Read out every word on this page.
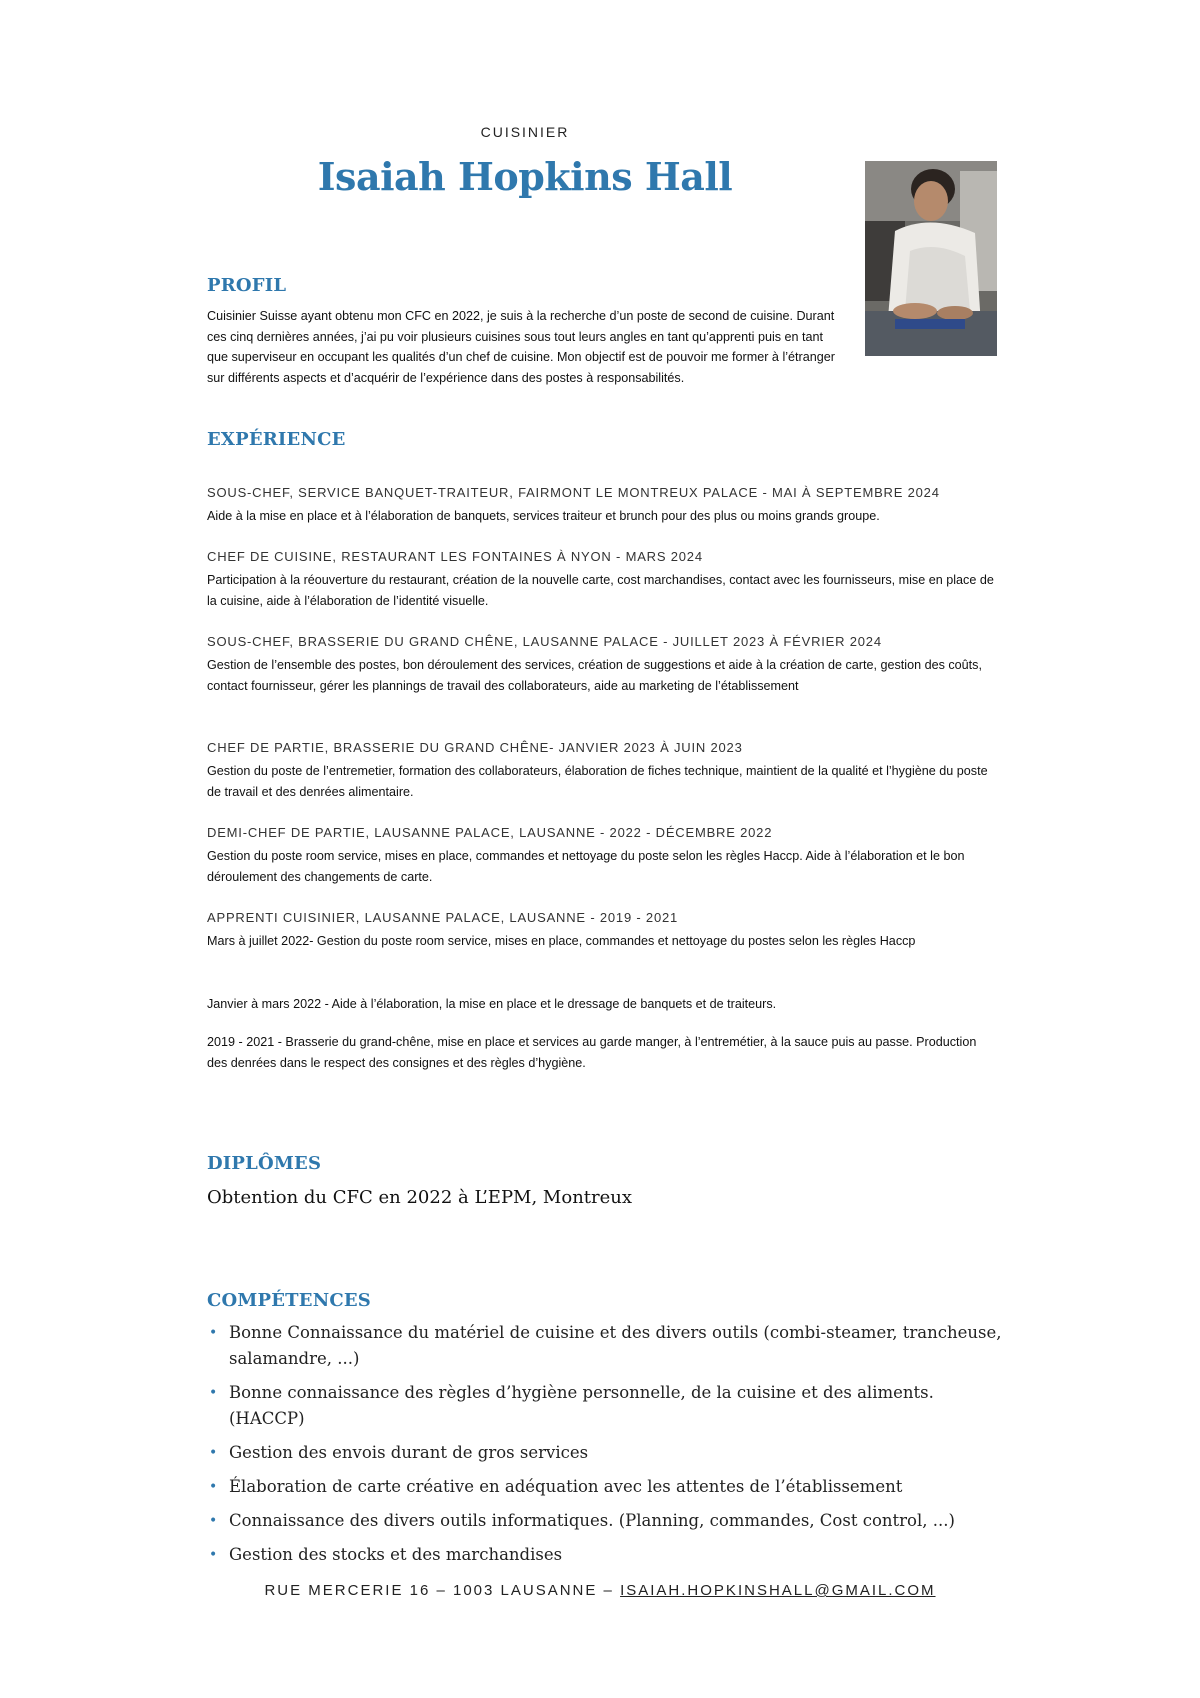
CUISINIER
Isaiah Hopkins Hall
PROFIL
Cuisinier Suisse ayant obtenu mon CFC en 2022, je suis à la recherche d’un poste de second de cuisine. Durant ces cinq dernières années, j’ai pu voir plusieurs cuisines sous tout leurs angles en tant qu’apprenti puis en tant que superviseur en occupant les qualités d’un chef de cuisine. Mon objectif est de pouvoir me former à l’étranger sur différents aspects et d’acquérir de l’expérience dans des postes à responsabilités.
EXPÉRIENCE
SOUS-CHEF, SERVICE BANQUET-TRAITEUR, FAIRMONT LE MONTREUX PALACE - MAI À SEPTEMBRE 2024
Aide à la mise en place et à l’élaboration de banquets, services traiteur et brunch pour des plus ou moins grands groupe.
CHEF DE CUISINE, RESTAURANT LES FONTAINES À NYON - MARS 2024
Participation à la réouverture du restaurant, création de la nouvelle carte, cost marchandises, contact avec les fournisseurs, mise en place de la cuisine, aide à l’élaboration de l’identité visuelle.
SOUS-CHEF, BRASSERIE DU GRAND CHÊNE, LAUSANNE PALACE - JUILLET 2023 À FÉVRIER 2024
Gestion de l’ensemble des postes, bon déroulement des services, création de suggestions et aide à la création de carte, gestion des coûts, contact fournisseur, gérer les plannings de travail des collaborateurs, aide au marketing de l’établissement
CHEF DE PARTIE, BRASSERIE DU GRAND CHÊNE- JANVIER 2023 À JUIN 2023
Gestion du poste de l’entremetier, formation des collaborateurs, élaboration de fiches technique, maintient de la qualité et l’hygiène du poste de travail et des denrées alimentaire.
DEMI-CHEF DE PARTIE, LAUSANNE PALACE, LAUSANNE - 2022 - DÉCEMBRE 2022
Gestion du poste room service, mises en place, commandes et nettoyage du poste selon les règles Haccp. Aide à l’élaboration et le bon déroulement des changements de carte.
APPRENTI CUISINIER, LAUSANNE PALACE, LAUSANNE - 2019 - 2021
Mars à juillet 2022- Gestion du poste room service, mises en place, commandes et nettoyage du postes selon les règles Haccp
Janvier à mars 2022 - Aide à l’élaboration, la mise en place et le dressage de banquets et de traiteurs.
2019 - 2021 - Brasserie du grand-chêne, mise en place et services au garde manger, à l’entremétier, à la sauce puis au passe. Production des denrées dans le respect des consignes et des règles d’hygiène.
DIPLÔMES
Obtention du CFC en 2022 à L’EPM, Montreux
COMPÉTENCES
• Bonne Connaissance du matériel de cuisine et des divers outils (combi-steamer, trancheuse, salamandre, ...)
• Bonne connaissance des règles d’hygiène personnelle, de la cuisine et des aliments. (HACCP)
• Gestion des envois durant de gros services
• Élaboration de carte créative en adéquation avec les attentes de l’établissement
• Connaissance des divers outils informatiques. (Planning, commandes, Cost control, ...)
• Gestion des stocks et des marchandises
RUE MERCERIE 16 – 1003 LAUSANNE – ISAIAH.HOPKINSHALL@GMAIL.COM
